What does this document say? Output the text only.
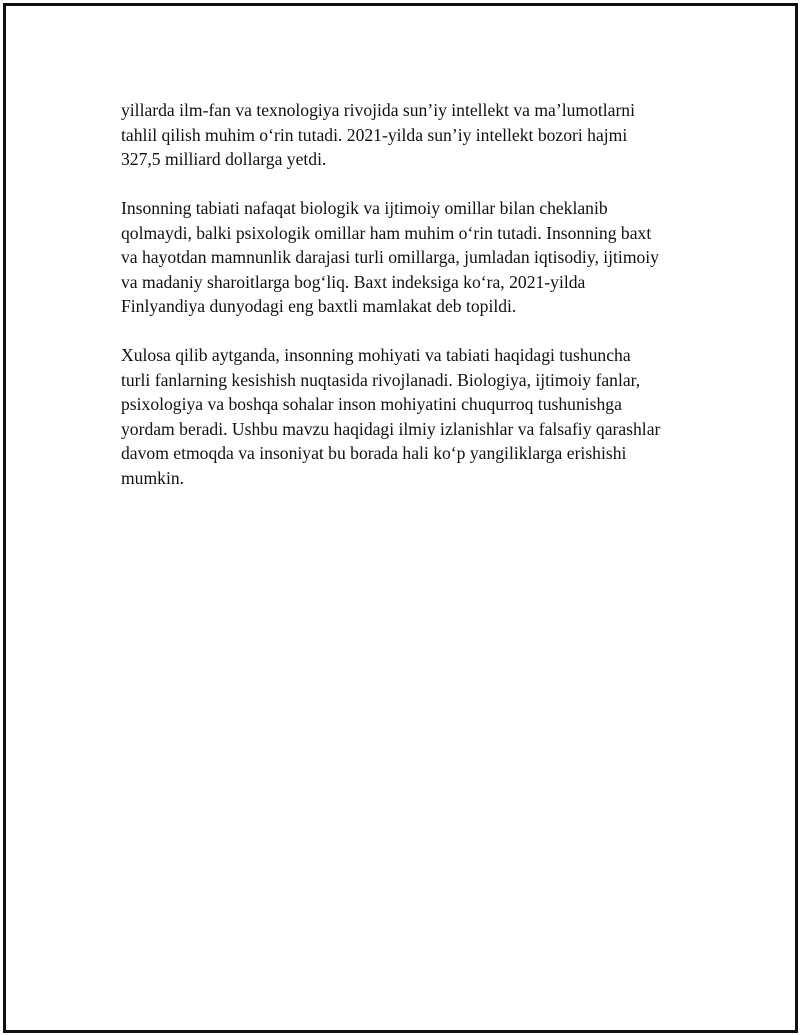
yillarda ilm-fan va texnologiya rivojida sun’iy intellekt va ma’lumotlarni
tahlil qilish muhim o‘rin tutadi. 2021-yilda sun’iy intellekt bozori hajmi
327,5 milliard dollarga yetdi.
Insonning tabiati nafaqat biologik va ijtimoiy omillar bilan cheklanib
qolmaydi, balki psixologik omillar ham muhim o‘rin tutadi. Insonning baxt
va hayotdan mamnunlik darajasi turli omillarga, jumladan iqtisodiy, ijtimoiy
va madaniy sharoitlarga bog‘liq. Baxt indeksiga ko‘ra, 2021-yilda
Finlyandiya dunyodagi eng baxtli mamlakat deb topildi.
Xulosa qilib aytganda, insonning mohiyati va tabiati haqidagi tushuncha
turli fanlarning kesishish nuqtasida rivojlanadi. Biologiya, ijtimoiy fanlar,
psixologiya va boshqa sohalar inson mohiyatini chuqurroq tushunishga
yordam beradi. Ushbu mavzu haqidagi ilmiy izlanishlar va falsafiy qarashlar
davom etmoqda va insoniyat bu borada hali ko‘p yangiliklarga erishishi
mumkin.
